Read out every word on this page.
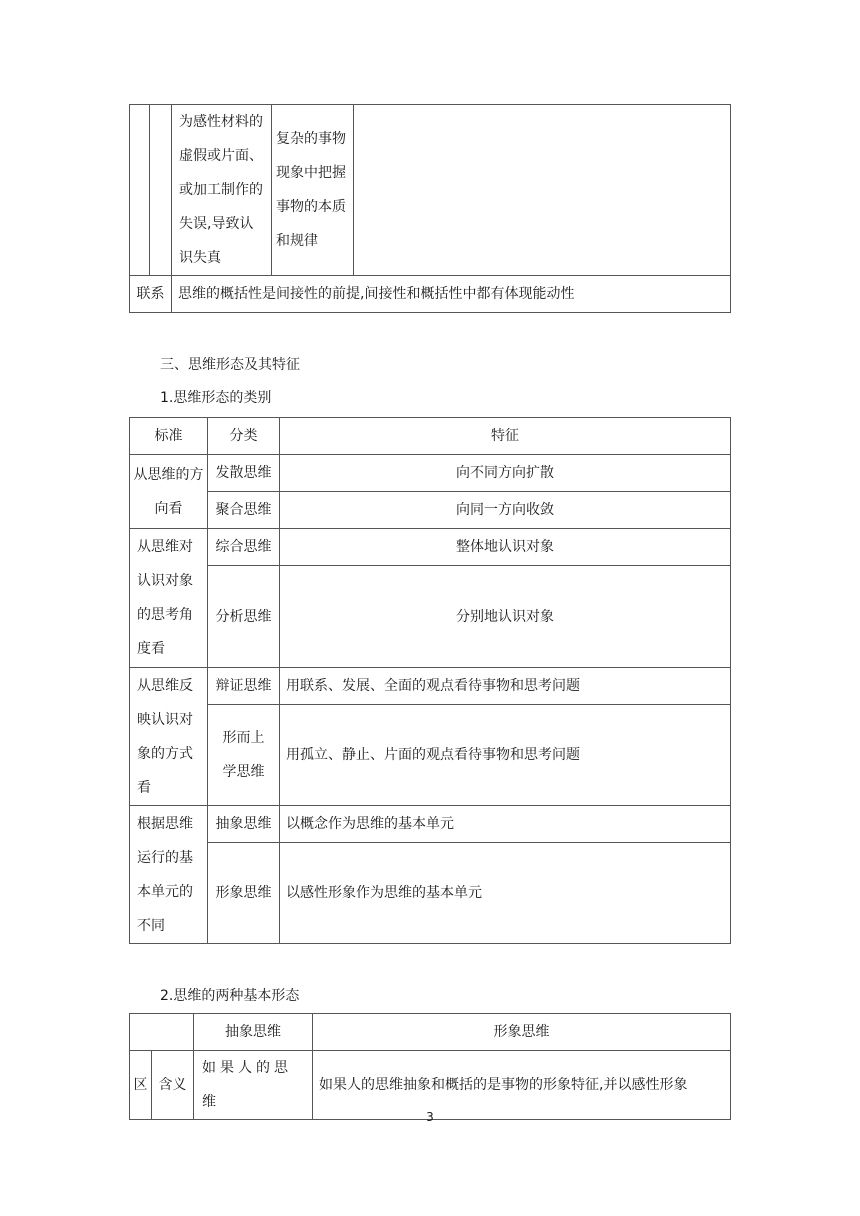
		为感性材料的虚假或片面、或加工制作的失误,导致认识失真	复杂的事物现象中把握事物的本质和规律	
联系		思维的概括性是间接性的前提,间接性和概括性中都有体现能动性		
三、思维形态及其特征
1.思维形态的类别
标准	分类	特征
从思维的方向看	发散思维	向不同方向扩散
	聚合思维	向同一方向收敛
从思维对认识对象的思考角度看	综合思维	整体地认识对象
	分析思维	分别地认识对象
从思维反映认识对象的方式看	辩证思维	用联系、发展、全面的观点看待事物和思考问题
	形而上学思维	用孤立、静止、片面的观点看待事物和思考问题
根据思维运行的基本单元的不同	抽象思维	以概念作为思维的基本单元
	形象思维	以感性形象作为思维的基本单元
2.思维的两种基本形态
		抽象思维	形象思维
区	含义	如果人的思维	如果人的思维抽象和概括的是事物的形象特征,并以感性形象
3
